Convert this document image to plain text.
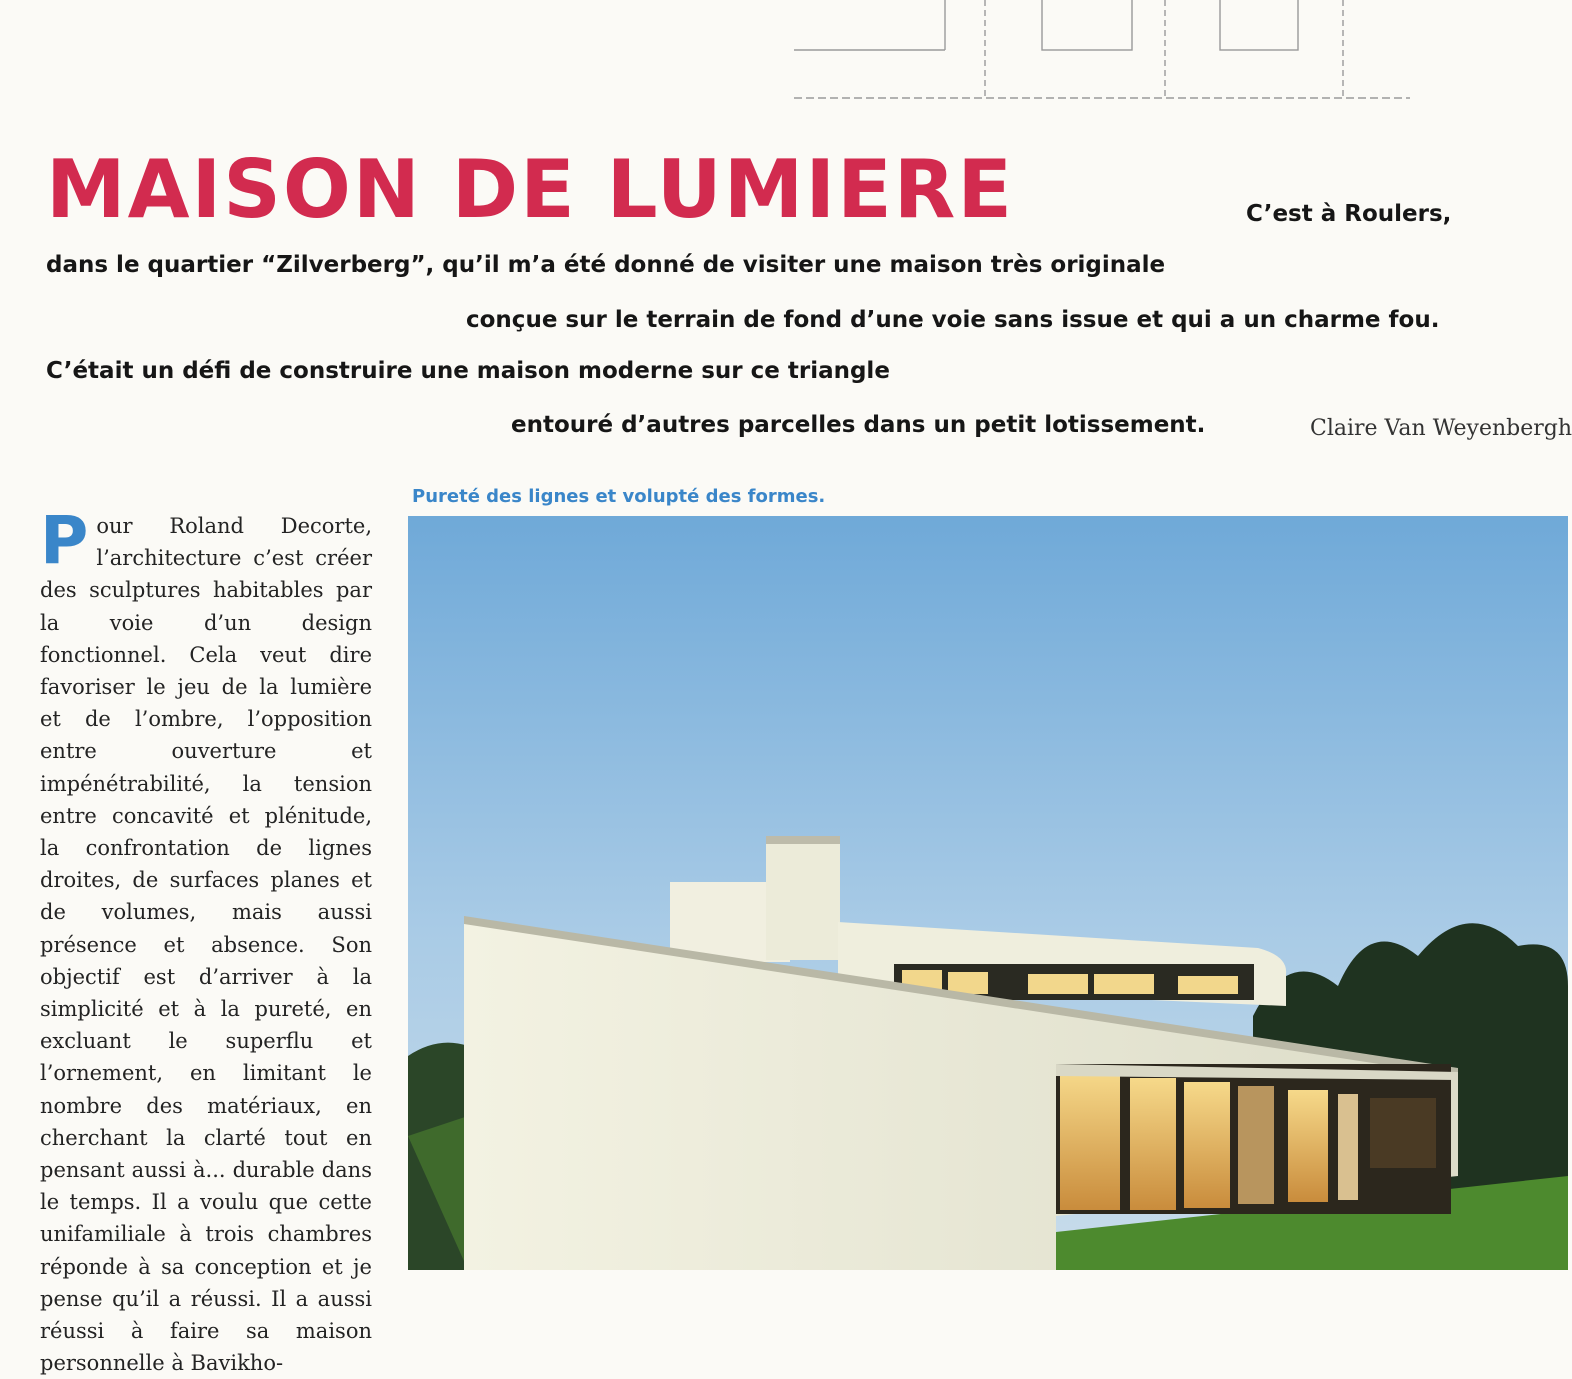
MAISON DE LUMIERE	C’est à Roulers,
dans le quartier “Zilverberg”, qu’il m’a été donné de visiter une maison très originale
conçue sur le terrain de fond d’une voie sans issue et qui a un charme fou.
C’était un défi de construire une maison moderne sur ce triangle
entouré d’autres parcelles dans un petit lotissement.	Claire Van Weyenbergh
Pureté des lignes et volupté des formes.
Pour Roland Decorte, l’architecture c’est créer des sculptures habitables par la voie d’un design fonctionnel. Cela veut dire favoriser le jeu de la lumière et de l’ombre, l’opposition entre ouverture et impénétrabilité, la tension entre concavité et plénitude, la confrontation de lignes droites, de surfaces planes et de volumes, mais aussi présence et absence. Son objectif est d’arriver à la simplicité et à la pureté, en excluant le superflu et l’ornement, en limitant le nombre des matériaux, en cherchant la clarté tout en pensant aussi à... durable dans le temps. Il a voulu que cette unifamiliale à trois chambres réponde à sa conception et je pense qu’il a réussi. Il a aussi réussi à faire sa maison personnelle à Bavikho-
